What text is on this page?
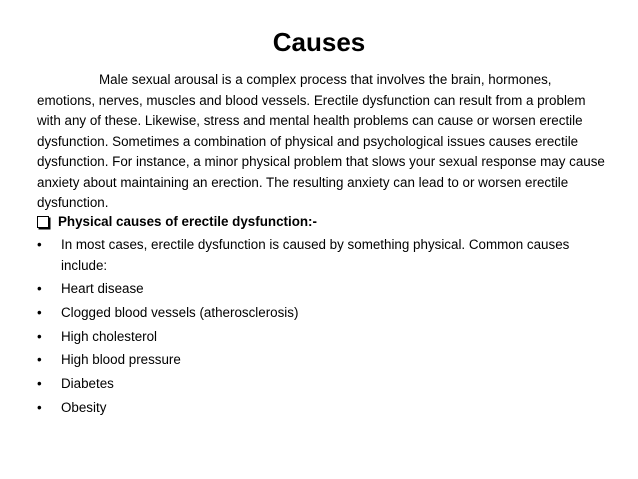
Causes
Male sexual arousal is a complex process that involves the brain, hormones, emotions, nerves, muscles and blood vessels. Erectile dysfunction can result from a problem with any of these. Likewise, stress and mental health problems can cause or worsen erectile dysfunction. Sometimes a combination of physical and psychological issues causes erectile dysfunction. For instance, a minor physical problem that slows your sexual response may cause anxiety about maintaining an erection. The resulting anxiety can lead to or worsen erectile dysfunction.
Physical causes of erectile dysfunction:-
• In most cases, erectile dysfunction is caused by something physical. Common causes include:
• Heart disease
• Clogged blood vessels (atherosclerosis)
• High cholesterol
• High blood pressure
• Diabetes
• Obesity
